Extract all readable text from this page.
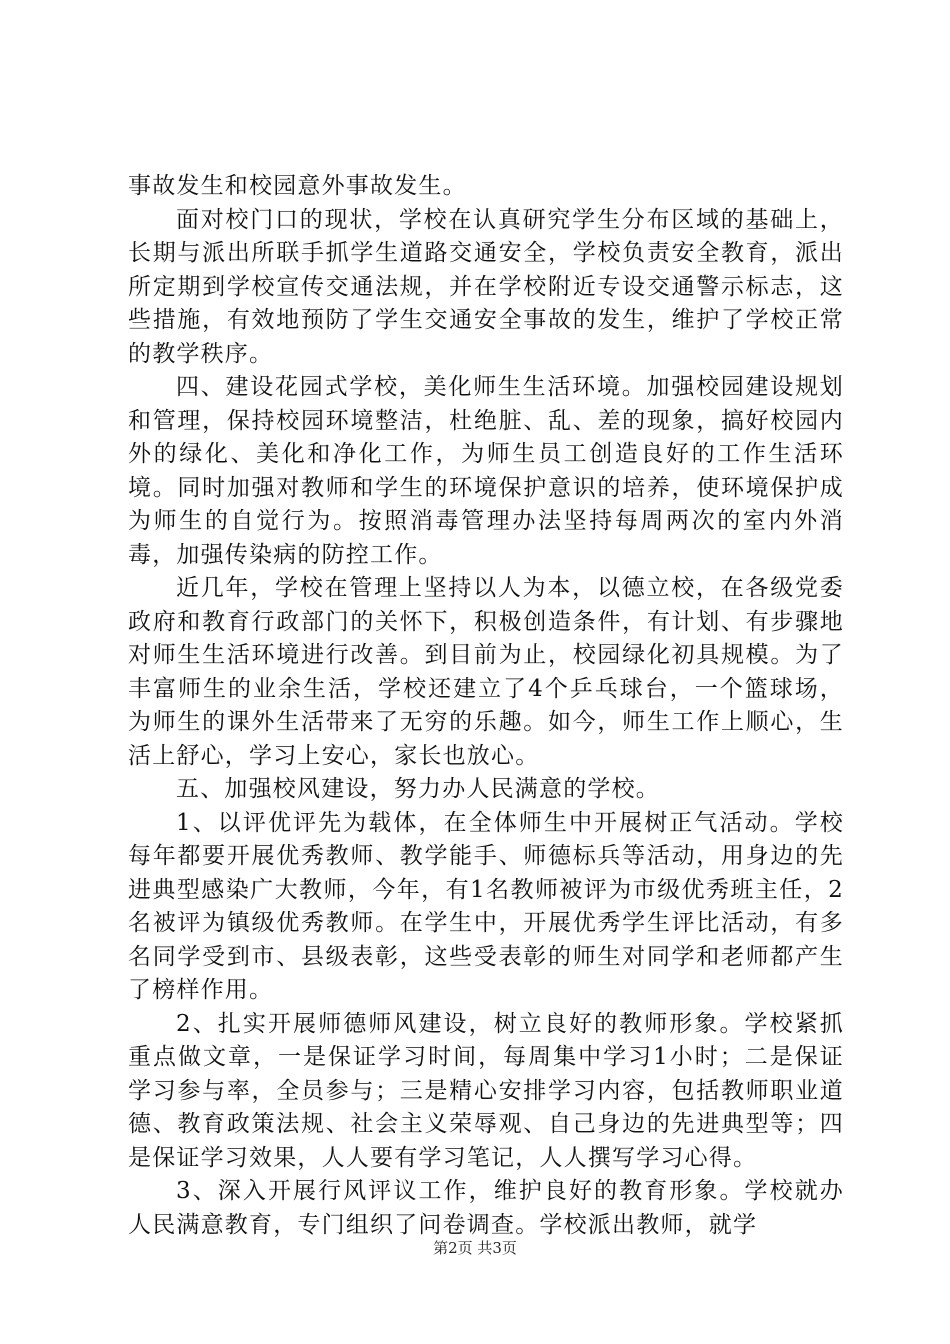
事故发生和校园意外事故发生。

面对校门口的现状，学校在认真研究学生分布区域的基础上，长期与派出所联手抓学生道路交通安全，学校负责安全教育，派出所定期到学校宣传交通法规，并在学校附近专设交通警示标志，这些措施，有效地预防了学生交通安全事故的发生，维护了学校正常的教学秩序。

四、建设花园式学校，美化师生生活环境。加强校园建设规划和管理，保持校园环境整洁，杜绝脏、乱、差的现象，搞好校园内外的绿化、美化和净化工作，为师生员工创造良好的工作生活环境。同时加强对教师和学生的环境保护意识的培养，使环境保护成为师生的自觉行为。按照消毒管理办法坚持每周两次的室内外消毒，加强传染病的防控工作。

近几年，学校在管理上坚持以人为本，以德立校，在各级党委政府和教育行政部门的关怀下，积极创造条件，有计划、有步骤地对师生生活环境进行改善。到目前为止，校园绿化初具规模。为了丰富师生的业余生活，学校还建立了4个乒乓球台，一个篮球场，为师生的课外生活带来了无穷的乐趣。如今，师生工作上顺心，生活上舒心，学习上安心，家长也放心。

五、加强校风建设，努力办人民满意的学校。

1、以评优评先为载体，在全体师生中开展树正气活动。学校每年都要开展优秀教师、教学能手、师德标兵等活动，用身边的先进典型感染广大教师，今年，有1名教师被评为市级优秀班主任，2名被评为镇级优秀教师。在学生中，开展优秀学生评比活动，有多名同学受到市、县级表彰，这些受表彰的师生对同学和老师都产生了榜样作用。

2、扎实开展师德师风建设，树立良好的教师形象。学校紧抓重点做文章，一是保证学习时间，每周集中学习1小时；二是保证学习参与率，全员参与；三是精心安排学习内容，包括教师职业道德、教育政策法规、社会主义荣辱观、自己身边的先进典型等；四是保证学习效果，人人要有学习笔记，人人撰写学习心得。

3、深入开展行风评议工作，维护良好的教育形象。学校就办人民满意教育，专门组织了问卷调查。学校派出教师，就学

第2页 共3页
